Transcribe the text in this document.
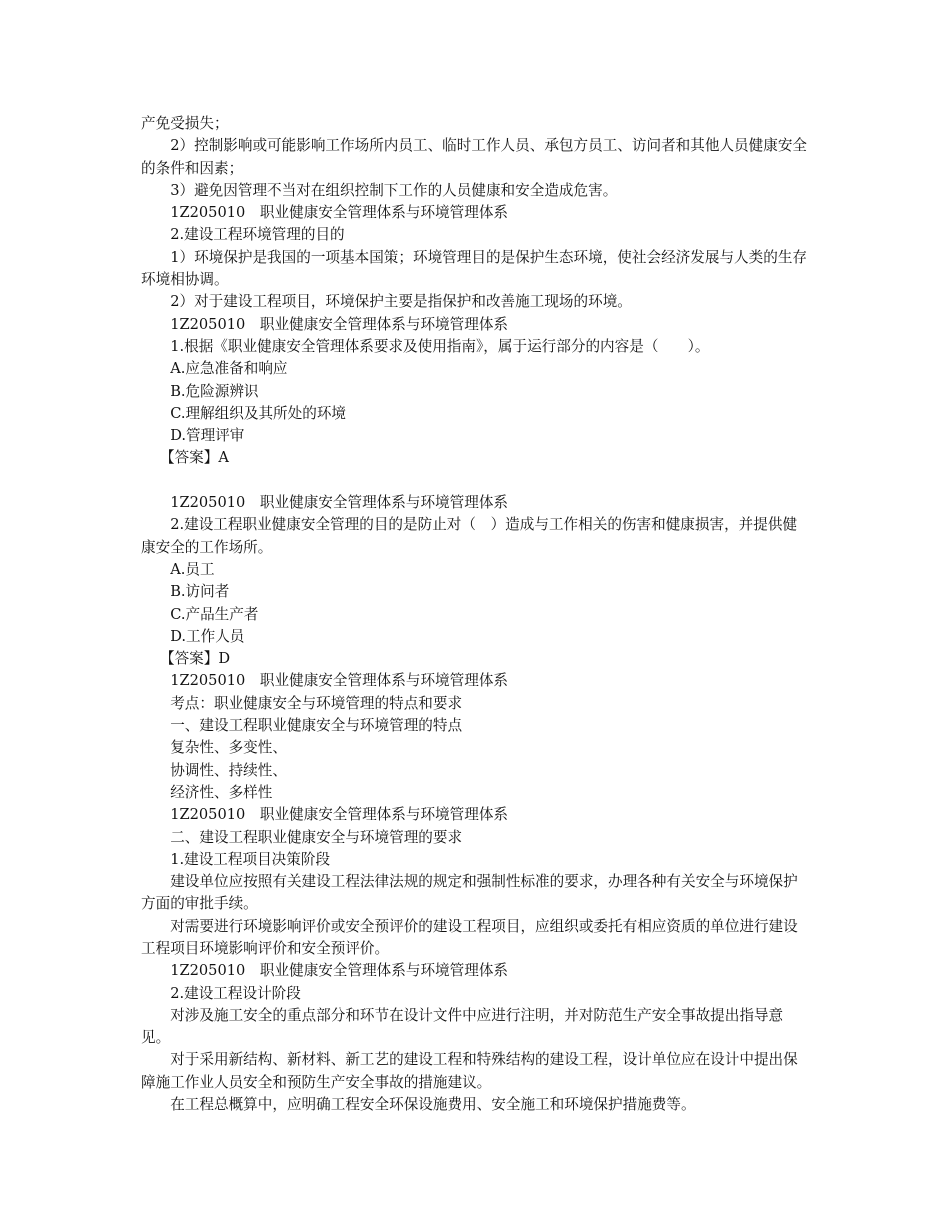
产免受损失；

2）控制影响或可能影响工作场所内员工、临时工作人员、承包方员工、访问者和其他人员健康安全的条件和因素；

3）避免因管理不当对在组织控制下工作的人员健康和安全造成危害。

1Z205010　职业健康安全管理体系与环境管理体系

2.建设工程环境管理的目的

1）环境保护是我国的一项基本国策；环境管理目的是保护生态环境，使社会经济发展与人类的生存环境相协调。

2）对于建设工程项目，环境保护主要是指保护和改善施工现场的环境。

1Z205010　职业健康安全管理体系与环境管理体系

1.根据《职业健康安全管理体系要求及使用指南》，属于运行部分的内容是（　　）。

A.应急准备和响应

B.危险源辨识

C.理解组织及其所处的环境

D.管理评审

【答案】A

1Z205010　职业健康安全管理体系与环境管理体系

2.建设工程职业健康安全管理的目的是防止对（　）造成与工作相关的伤害和健康损害，并提供健康安全的工作场所。

A.员工

B.访问者

C.产品生产者

D.工作人员

【答案】D

1Z205010　职业健康安全管理体系与环境管理体系

考点：职业健康安全与环境管理的特点和要求

一、建设工程职业健康安全与环境管理的特点

复杂性、多变性、

协调性、持续性、

经济性、多样性

1Z205010　职业健康安全管理体系与环境管理体系

二、建设工程职业健康安全与环境管理的要求

1.建设工程项目决策阶段

建设单位应按照有关建设工程法律法规的规定和强制性标准的要求，办理各种有关安全与环境保护方面的审批手续。

对需要进行环境影响评价或安全预评价的建设工程项目，应组织或委托有相应资质的单位进行建设工程项目环境影响评价和安全预评价。

1Z205010　职业健康安全管理体系与环境管理体系

2.建设工程设计阶段

对涉及施工安全的重点部分和环节在设计文件中应进行注明，并对防范生产安全事故提出指导意见。

对于采用新结构、新材料、新工艺的建设工程和特殊结构的建设工程，设计单位应在设计中提出保障施工作业人员安全和预防生产安全事故的措施建议。

在工程总概算中，应明确工程安全环保设施费用、安全施工和环境保护措施费等。
